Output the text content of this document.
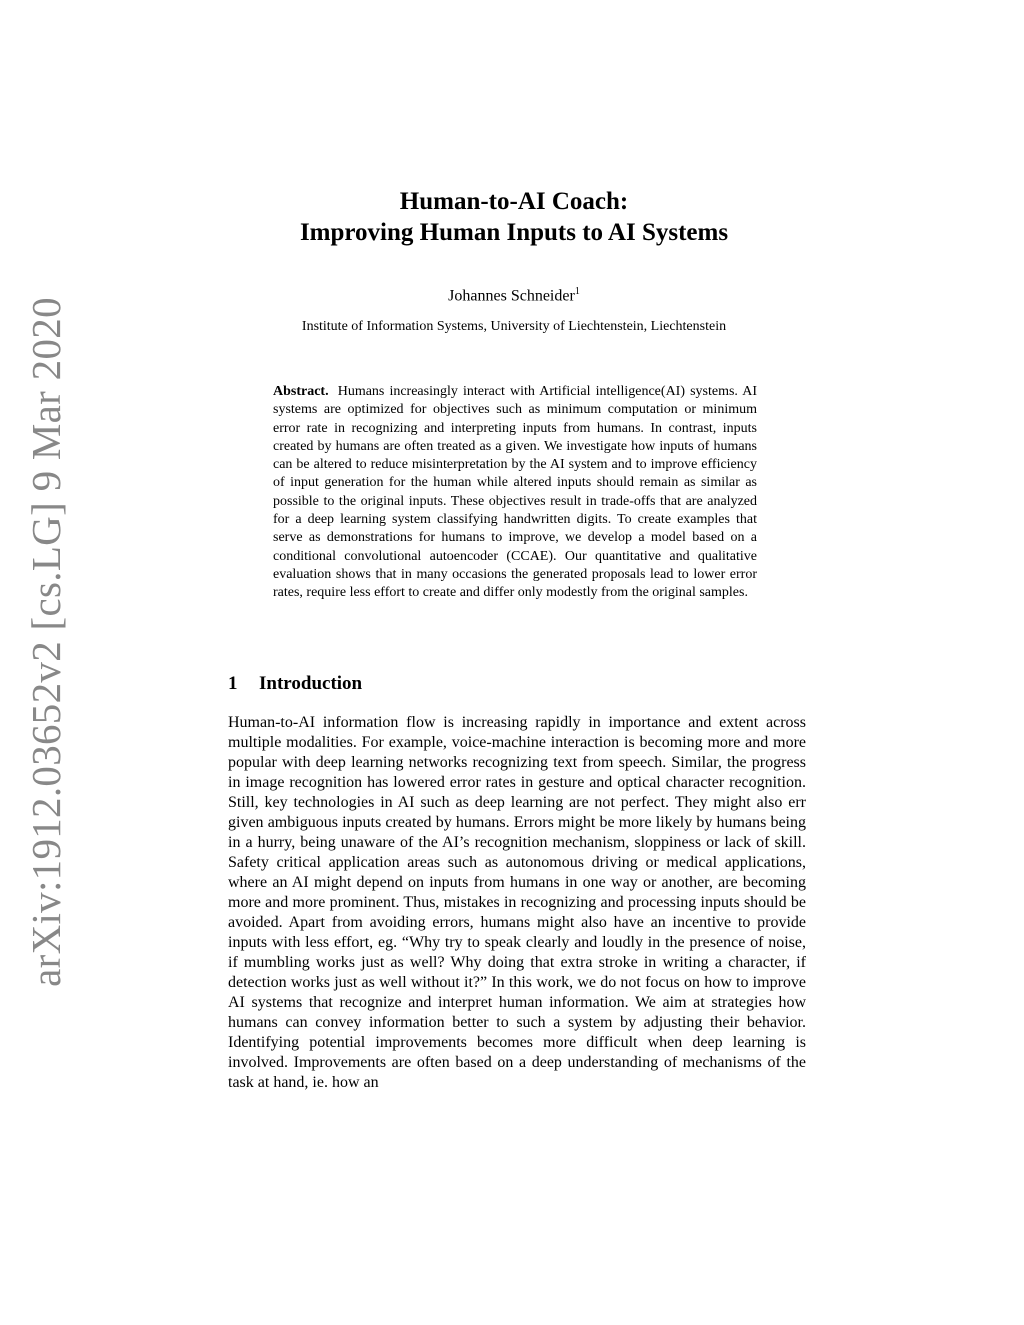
arXiv:1912.03652v2 [cs.LG] 9 Mar 2020
Human-to-AI Coach:
Improving Human Inputs to AI Systems
Johannes Schneider$^1$
Institute of Information Systems, University of Liechtenstein, Liechtenstein
Abstract. Humans increasingly interact with Artificial intelligence(AI) systems. AI systems are optimized for objectives such as minimum computation or minimum error rate in recognizing and interpreting inputs from humans. In contrast, inputs created by humans are often treated as a given. We investigate how inputs of humans can be altered to reduce misinterpretation by the AI system and to improve efficiency of input generation for the human while altered inputs should remain as similar as possible to the original inputs. These objectives result in trade-offs that are analyzed for a deep learning system classifying handwritten digits. To create examples that serve as demonstrations for humans to improve, we develop a model based on a conditional convolutional autoencoder (CCAE). Our quantitative and qualitative evaluation shows that in many occasions the generated proposals lead to lower error rates, require less effort to create and differ only modestly from the original samples.
1 Introduction
Human-to-AI information flow is increasing rapidly in importance and extent across multiple modalities. For example, voice-machine interaction is becoming more and more popular with deep learning networks recognizing text from speech. Similar, the progress in image recognition has lowered error rates in gesture and optical character recognition. Still, key technologies in AI such as deep learning are not perfect. They might also err given ambiguous inputs created by humans. Errors might be more likely by humans being in a hurry, being unaware of the AI’s recognition mechanism, sloppiness or lack of skill. Safety critical application areas such as autonomous driving or medical applications, where an AI might depend on inputs from humans in one way or another, are becoming more and more prominent. Thus, mistakes in recognizing and processing inputs should be avoided. Apart from avoiding errors, humans might also have an incentive to provide inputs with less effort, eg. “Why try to speak clearly and loudly in the presence of noise, if mumbling works just as well? Why doing that extra stroke in writing a character, if detection works just as well without it?” In this work, we do not focus on how to improve AI systems that recognize and interpret human information. We aim at strategies how humans can convey information better to such a system by adjusting their behavior. Identifying potential improvements becomes more difficult when deep learning is involved. Improvements are often based on a deep understanding of mechanisms of the task at hand, ie. how an
